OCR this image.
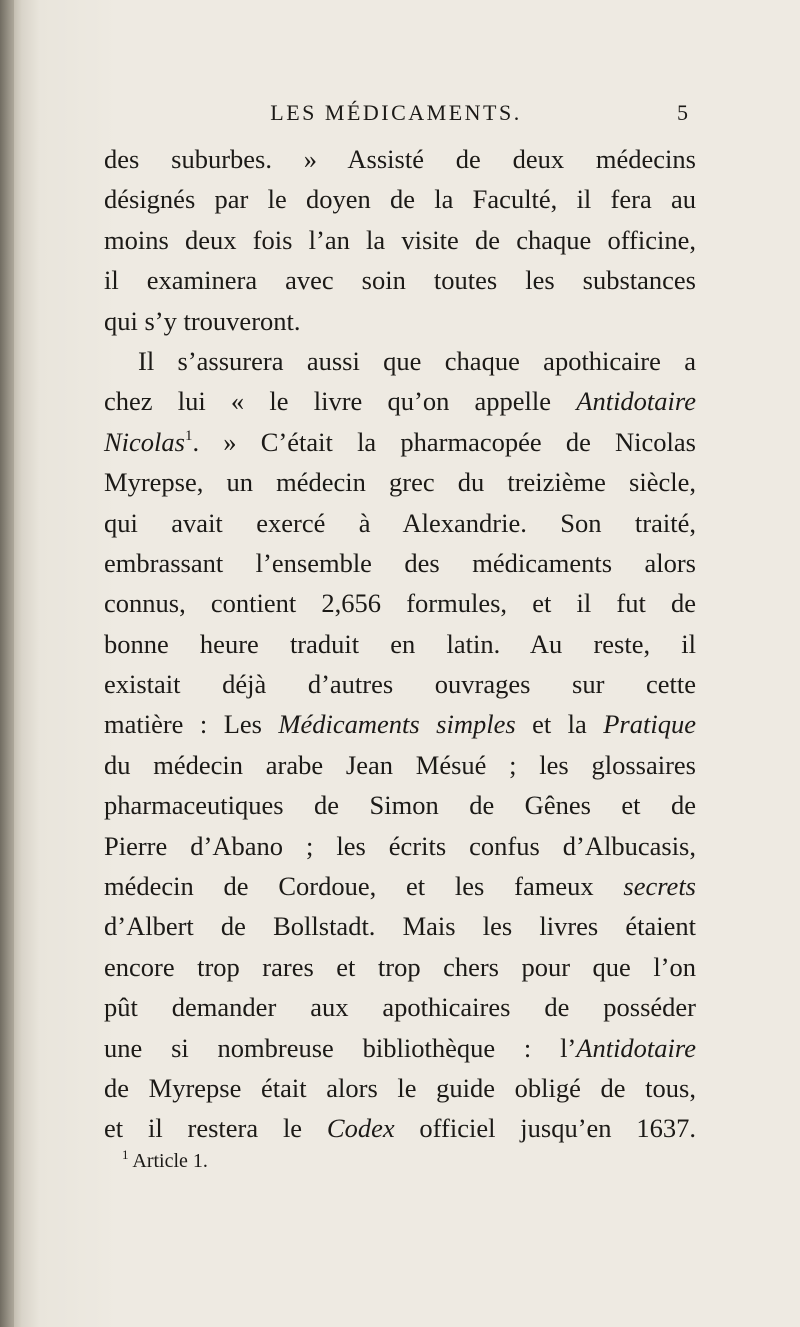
LES MÉDICAMENTS.	5
des suburbes. » Assisté de deux médecins
désignés par le doyen de la Faculté, il fera au
moins deux fois l’an la visite de chaque officine,
il examinera avec soin toutes les substances
qui s’y trouveront.
Il s’assurera aussi que chaque apothicaire a
chez lui « le livre qu’on appelle Antidotaire
Nicolas$^1$. » C’était la pharmacopée de Nicolas
Myrepse, un médecin grec du treizième siècle,
qui avait exercé à Alexandrie. Son traité,
embrassant l’ensemble des médicaments alors
connus, contient 2,656 formules, et il fut de
bonne heure traduit en latin. Au reste, il
existait déjà d’autres ouvrages sur cette
matière : Les Médicaments simples et la Pratique
du médecin arabe Jean Mésué ; les glossaires
pharmaceutiques de Simon de Gênes et de
Pierre d’Abano ; les écrits confus d’Albucasis,
médecin de Cordoue, et les fameux secrets
d’Albert de Bollstadt. Mais les livres étaient
encore trop rares et trop chers pour que l’on
pût demander aux apothicaires de posséder
une si nombreuse bibliothèque : l’Antidotaire
de Myrepse était alors le guide obligé de tous,
et il restera le Codex officiel jusqu’en 1637.
$^1$ Article 1.
